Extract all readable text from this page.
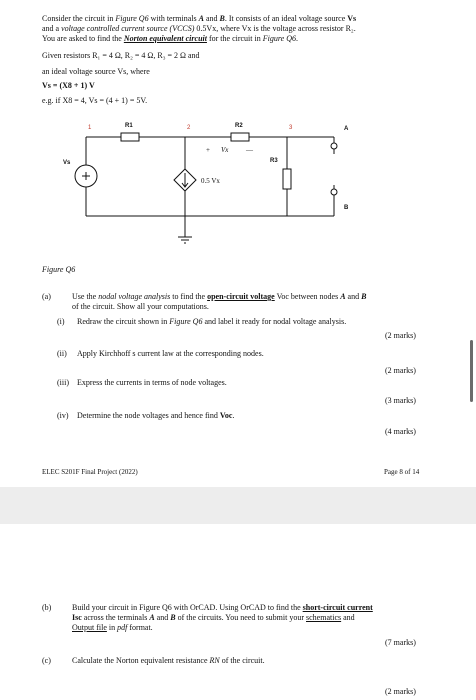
Consider the circuit in Figure Q6 with terminals A and B. It consists of an ideal voltage source Vs
and a voltage controlled current source (VCCS) 0.5Vx, where Vx is the voltage across resistor R₂.
You are asked to find the Norton equivalent circuit for the circuit in Figure Q6.
Given resistors R₁ = 4 Ω, R₂ = 4 Ω, R₃ = 2 Ω and
an ideal voltage source Vs, where
Vs = (X8 + 1) V
e.g. if X8 = 4, Vs = (4 + 1) = 5V.
1	2	3
R1	R2
R3
Vs
A
B
+ Vx	—
0.5 Vx
Figure Q6
(a)	Use the nodal voltage analysis to find the open-circuit voltage Voc between nodes A and B
of the circuit. Show all your computations.
(i) Redraw the circuit shown in Figure Q6 and label it ready for nodal voltage analysis.
(2 marks)
(ii) Apply Kirchhoff s current law at the corresponding nodes.
(2 marks)
(iii) Express the currents in terms of node voltages.
(3 marks)
(iv) Determine the node voltages and hence find Voc.
(4 marks)
ELEC S201F Final Project (2022)	Page 8 of 14
(b)	Build your circuit in Figure Q6 with OrCAD. Using OrCAD to find the short-circuit current
Isc across the terminals A and B of the circuits. You need to submit your schematics and
Output file in pdf format.
(7 marks)
(c)	Calculate the Norton equivalent resistance RN of the circuit.
(2 marks)
